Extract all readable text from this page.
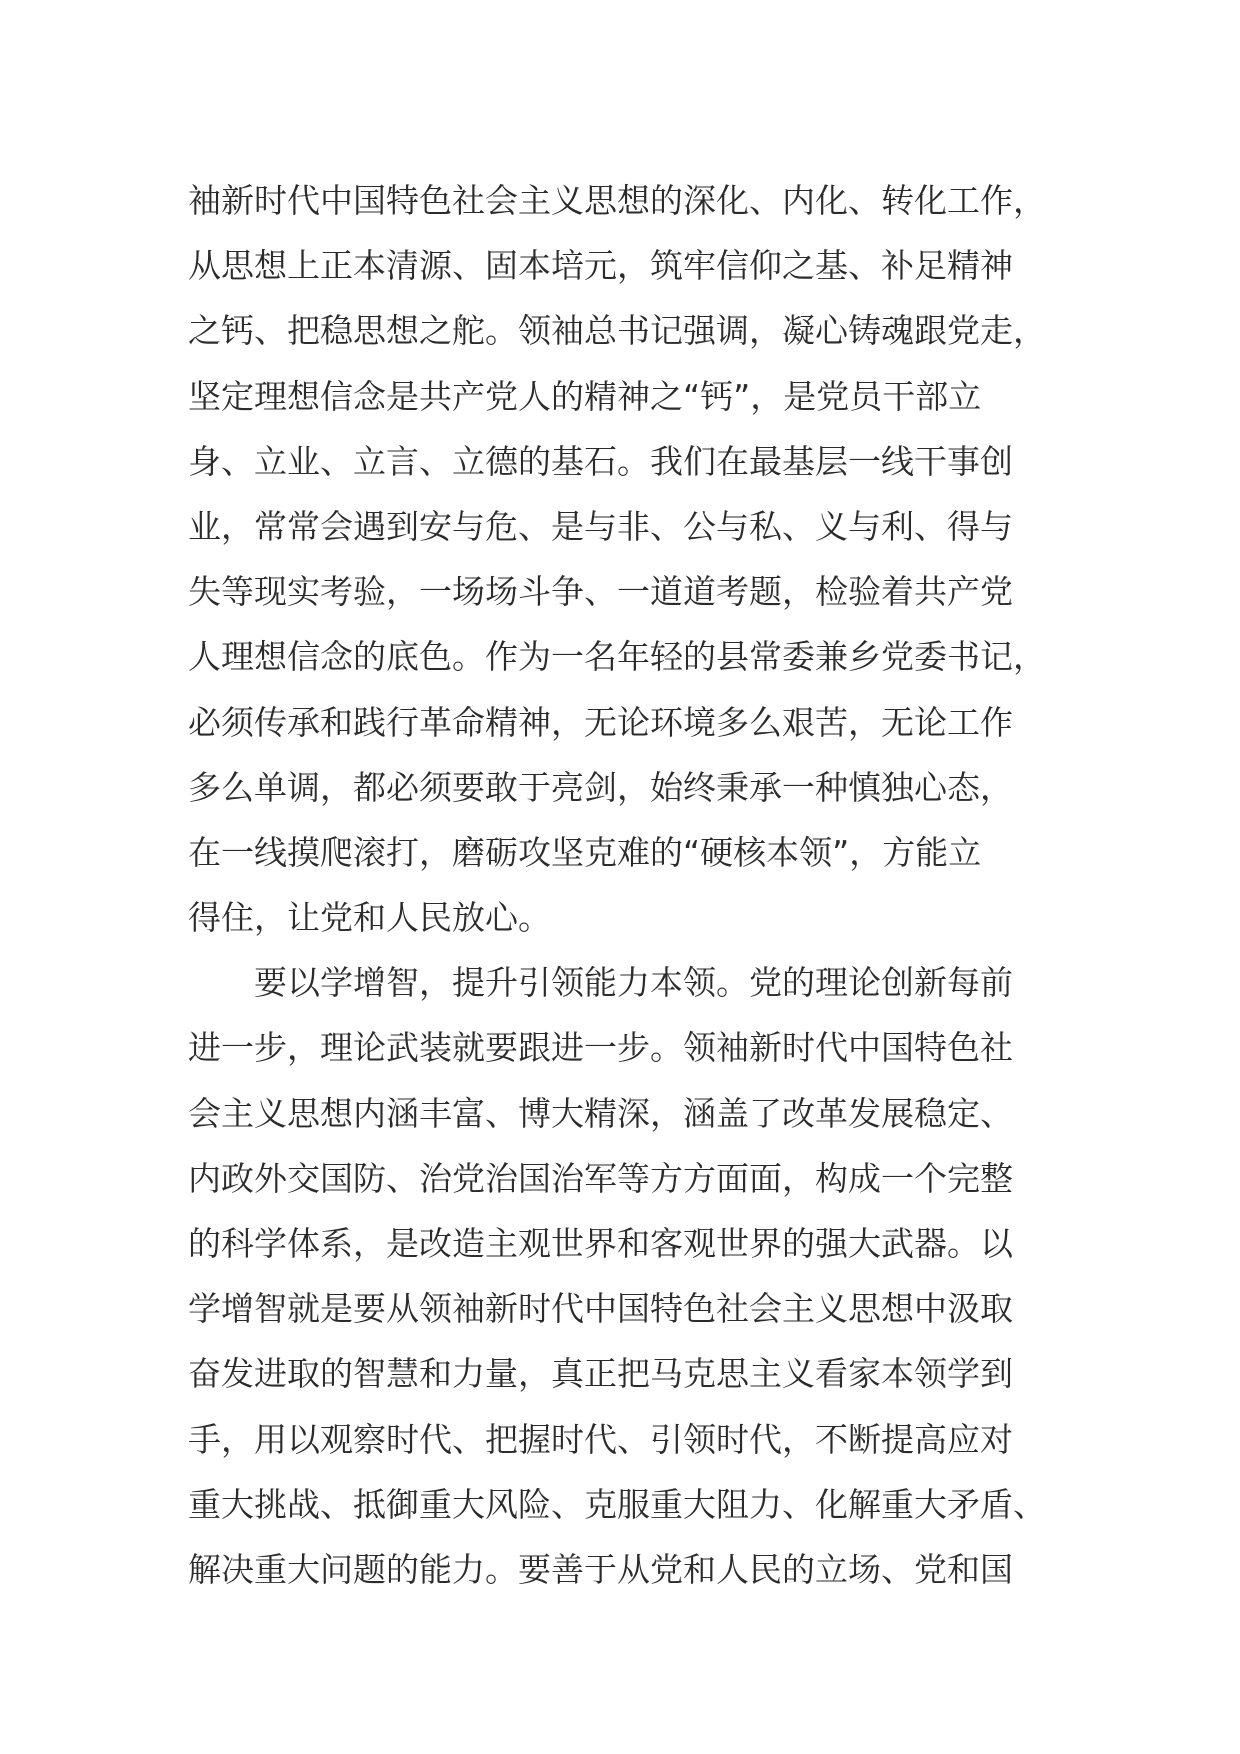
袖新时代中国特色社会主义思想的深化、内化、转化工作，
从思想上正本清源、固本培元，筑牢信仰之基、补足精神
之钙、把稳思想之舵。领袖总书记强调，凝心铸魂跟党走，
坚定理想信念是共产党人的精神之“钙”，是党员干部立
身、立业、立言、立德的基石。我们在最基层一线干事创
业，常常会遇到安与危、是与非、公与私、义与利、得与
失等现实考验，一场场斗争、一道道考题，检验着共产党
人理想信念的底色。作为一名年轻的县常委兼乡党委书记，
必须传承和践行革命精神，无论环境多么艰苦，无论工作
多么单调，都必须要敢于亮剑，始终秉承一种慎独心态，
在一线摸爬滚打，磨砺攻坚克难的“硬核本领”，方能立
得住，让党和人民放心。
　　要以学增智，提升引领能力本领。党的理论创新每前
进一步，理论武装就要跟进一步。领袖新时代中国特色社
会主义思想内涵丰富、博大精深，涵盖了改革发展稳定、
内政外交国防、治党治国治军等方方面面，构成一个完整
的科学体系，是改造主观世界和客观世界的强大武器。以
学增智就是要从领袖新时代中国特色社会主义思想中汲取
奋发进取的智慧和力量，真正把马克思主义看家本领学到
手，用以观察时代、把握时代、引领时代，不断提高应对
重大挑战、抵御重大风险、克服重大阻力、化解重大矛盾、
解决重大问题的能力。要善于从党和人民的立场、党和国
